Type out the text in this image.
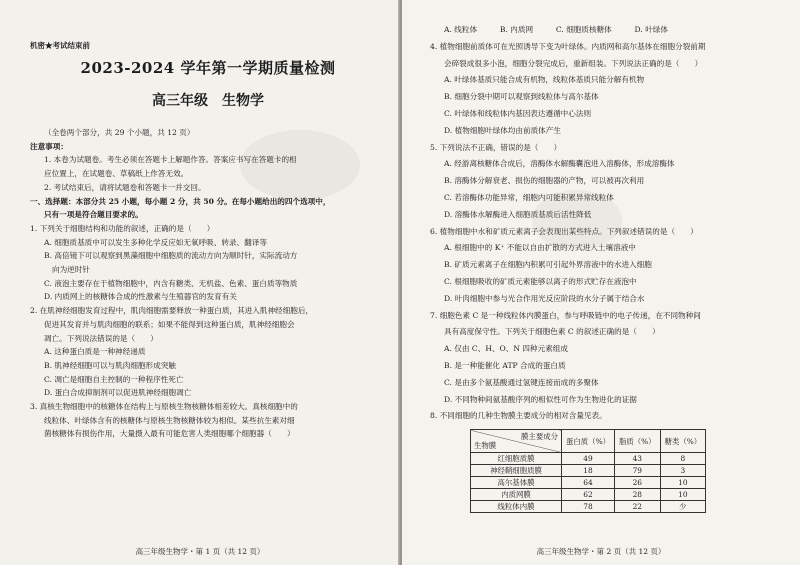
机密★考试结束前
2023-2024 学年第一学期质量检测
高三年级　生物学
（全卷两个部分，共 29 个小题，共 12 页）
注意事项：
1. 本卷为试题卷。考生必须在答题卡上解题作答。答案应书写在答题卡的相
应位置上，在试题卷、草稿纸上作答无效。
2. 考试结束后，请将试题卷和答题卡一并交回。
一、选择题：本部分共 25 小题，每小题 2 分，共 50 分。在每小题给出的四个选项中，
只有一项是符合题目要求的。
1. 下列关于细胞结构和功能的叙述，正确的是（　　）
A. 细胞质基质中可以发生多种化学反应如无氧呼吸、转录、翻译等
B. 高倍镜下可以观察到黑藻细胞中细胞质的流动方向为顺时针，实际流动方
向为逆时针
C. 液泡主要存在于植物细胞中，内含有糖类、无机盐、色素、蛋白质等物质
D. 内质网上的核糖体合成的性激素与生殖器官的发育有关
2. 在肌神经细胞发育过程中，肌肉细胞需要释放一种蛋白质，其进入肌神经细胞后，
促进其发育并与肌肉细胞的联系；如果不能得到这种蛋白质，肌神经细胞会
凋亡。下列说法错误的是（　　）
A. 这种蛋白质是一种神经递质
B. 肌神经细胞可以与肌肉细胞形成突触
C. 凋亡是细胞自主控制的一种程序性死亡
D. 蛋白合成抑制剂可以促进肌神经细胞凋亡
3. 真核生物细胞中的核糖体在结构上与原核生物核糖体相差较大。真核细胞中的
线粒体、叶绿体含有的核糖体与原核生物核糖体较为相似。某些抗生素对细
菌核糖体有损伤作用，大量摄入最有可能危害人类细胞哪个细胞器（　　）
高三年级生物学・第 1 页（共 12 页）
A. 线粒体　　　B. 内质网　　　C. 细胞质核糖体　　　D. 叶绿体
4. 植物细胞前质体可在光照诱导下变为叶绿体。内质网和高尔基体在细胞分裂前期
会碎裂成很多小泡，细胞分裂完成后，重新组装。下列说法正确的是（　　）
A. 叶绿体基质只能合成有机物，线粒体基质只能分解有机物
B. 细胞分裂中期可以观察到线粒体与高尔基体
C. 叶绿体和线粒体内基因表达遵循中心法则
D. 植物细胞叶绿体均由前质体产生
5. 下列说法不正确，错误的是（　　）
A. 经游离核糖体合成后，溶酶体水解酶囊泡进入溶酶体，形成溶酶体
B. 溶酶体分解衰老、损伤的细胞器的产物，可以被再次利用
C. 若溶酶体功能异常，细胞内可能积累异常线粒体
D. 溶酶体水解酶进入细胞质基质后活性降低
6. 植物细胞中水和矿质元素离子会表现出某些特点。下列叙述错误的是（　　）
A. 根细胞中的 K⁺ 不能以自由扩散的方式进入土壤溶液中
B. 矿质元素离子在细胞内积累可引起外界溶液中的水进入细胞
C. 根细胞吸收的矿质元素能够以离子的形式贮存在液泡中
D. 叶肉细胞中参与光合作用光反应阶段的水分子属于结合水
7. 细胞色素 C 是一种线粒体内膜蛋白，参与呼吸链中的电子传递，在不同物种间
具有高度保守性。下列关于细胞色素 C 的叙述正确的是（　　）
A. 仅由 C、H、O、N 四种元素组成
B. 是一种能催化 ATP 合成的蛋白质
C. 是由多个氨基酸通过氢键连接而成的多聚体
D. 不同物种间氨基酸序列的相似性可作为生物进化的证据
8. 不同细胞的几种生物膜主要成分的相对含量见表。
膜主要成分
生物膜	蛋白质（%）	脂质（%）	糖类（%）
红细胞质膜	49	43	8
神经鞘细胞质膜	18	79	3
高尔基体膜	64	26	10
内质网膜	62	28	10
线粒体内膜	78	22	少
高三年级生物学・第 2 页（共 12 页）
